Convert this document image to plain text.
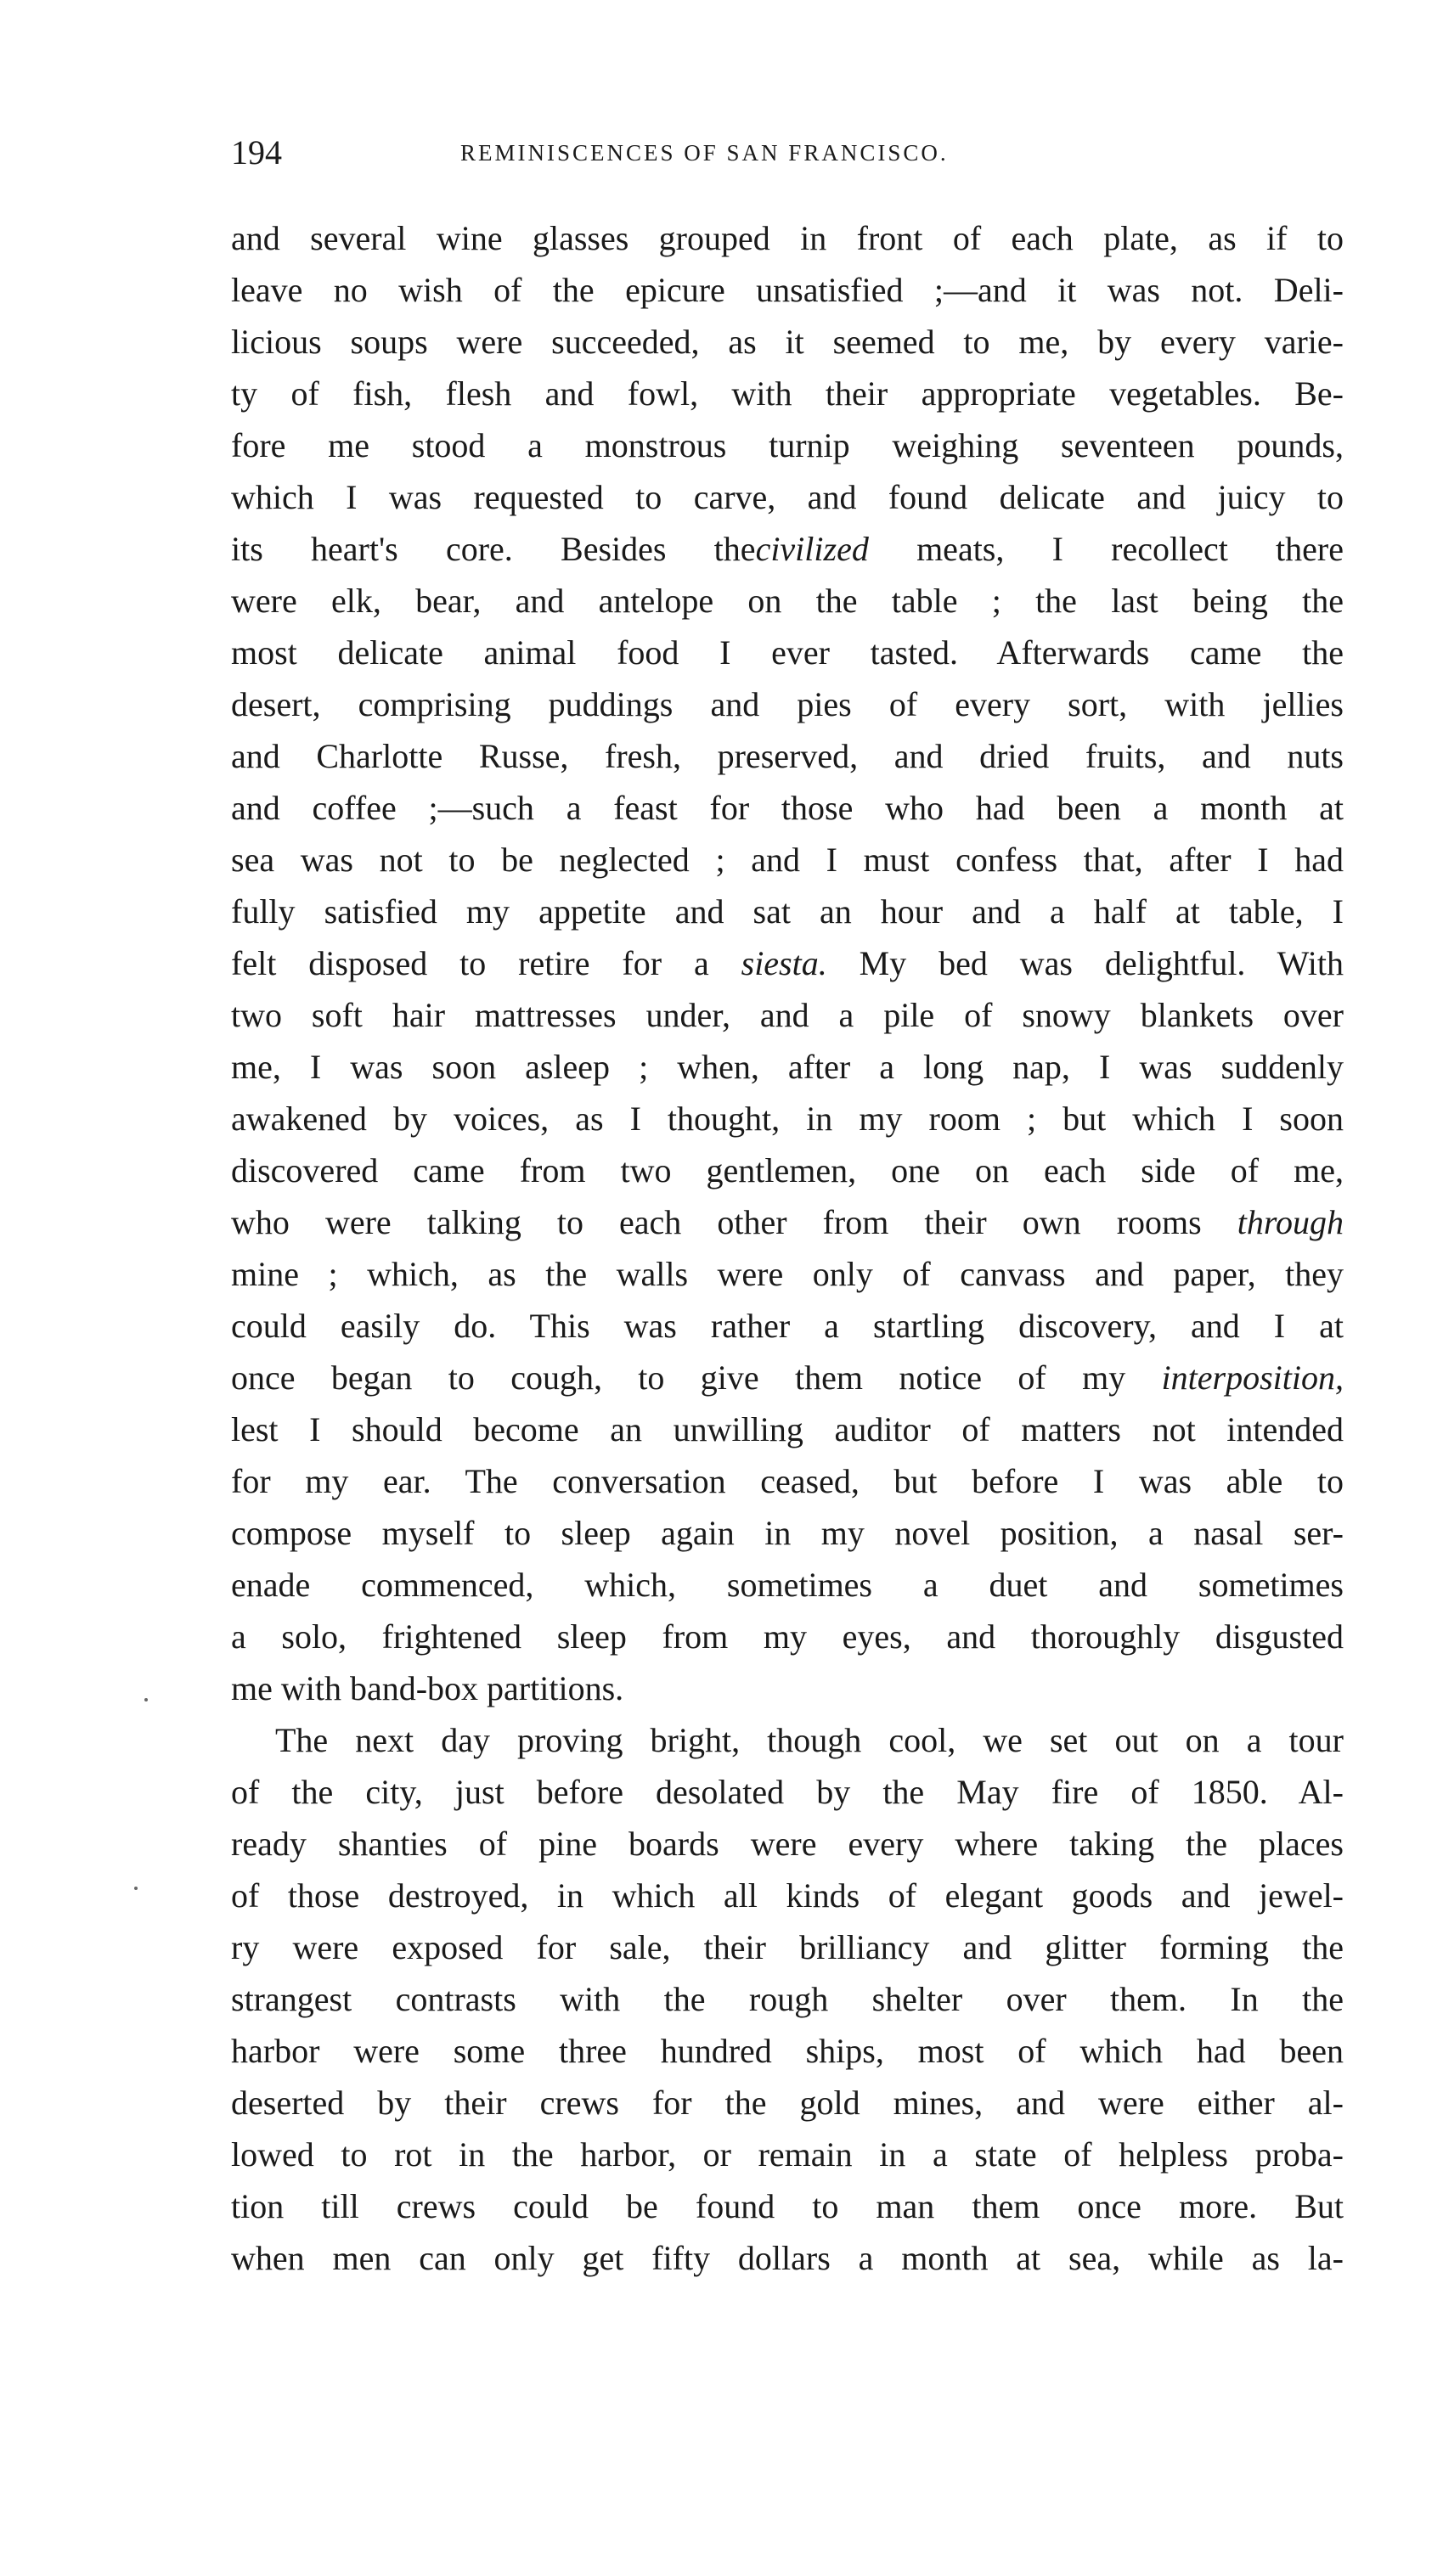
194	REMINISCENCES OF SAN FRANCISCO.
and several wine glasses grouped in front of each plate, as if to
leave no wish of the epicure unsatisfied ;—and it was not. Deli-
licious soups were succeeded, as it seemed to me, by every varie-
ty of fish, flesh and fowl, with their appropriate vegetables. Be-
fore me stood a monstrous turnip weighing seventeen pounds,
which I was requested to carve, and found delicate and juicy to
its heart's core. Besides thecivilized meats, I recollect there
were elk, bear, and antelope on the table ; the last being the
most delicate animal food I ever tasted. Afterwards came the
desert, comprising puddings and pies of every sort, with jellies
and Charlotte Russe, fresh, preserved, and dried fruits, and nuts
and coffee ;—such a feast for those who had been a month at
sea was not to be neglected ; and I must confess that, after I had
fully satisfied my appetite and sat an hour and a half at table, I
felt disposed to retire for a siesta. My bed was delightful. With
two soft hair mattresses under, and a pile of snowy blankets over
me, I was soon asleep ; when, after a long nap, I was suddenly
awakened by voices, as I thought, in my room ; but which I soon
discovered came from two gentlemen, one on each side of me,
who were talking to each other from their own rooms through
mine ; which, as the walls were only of canvass and paper, they
could easily do. This was rather a startling discovery, and I at
once began to cough, to give them notice of my interposition,
lest I should become an unwilling auditor of matters not intended
for my ear. The conversation ceased, but before I was able to
compose myself to sleep again in my novel position, a nasal ser-
enade commenced, which, sometimes a duet and sometimes
a solo, frightened sleep from my eyes, and thoroughly disgusted
me with band-box partitions.
The next day proving bright, though cool, we set out on a tour
of the city, just before desolated by the May fire of 1850. Al-
ready shanties of pine boards were every where taking the places
of those destroyed, in which all kinds of elegant goods and jewel-
ry were exposed for sale, their brilliancy and glitter forming the
strangest contrasts with the rough shelter over them. In the
harbor were some three hundred ships, most of which had been
deserted by their crews for the gold mines, and were either al-
lowed to rot in the harbor, or remain in a state of helpless proba-
tion till crews could be found to man them once more. But
when men can only get fifty dollars a month at sea, while as la-
